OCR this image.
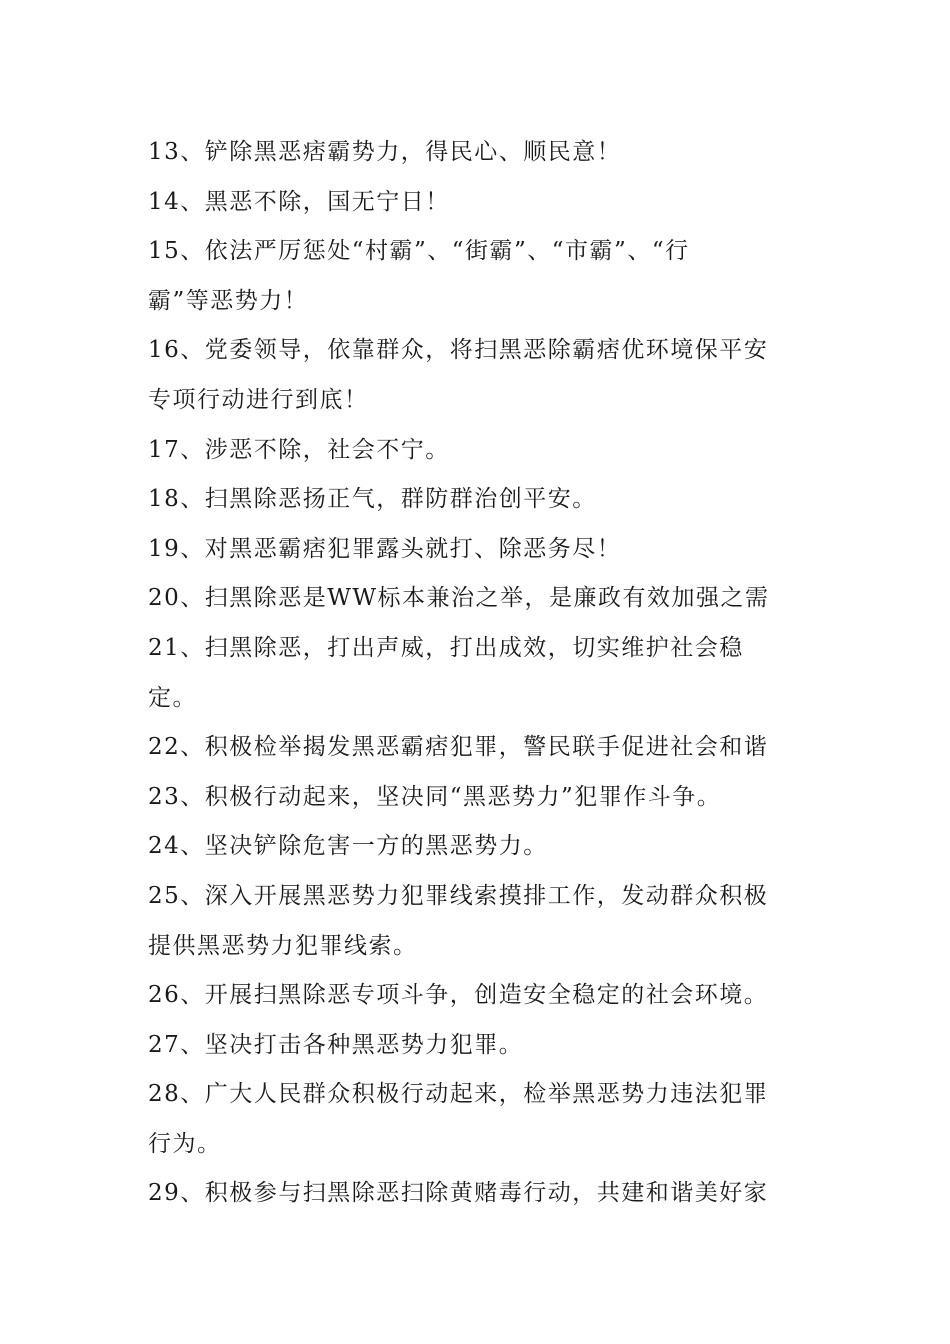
13、铲除黑恶痞霸势力，得民心、顺民意！
14、黑恶不除，国无宁日！
15、依法严厉惩处“村霸”、“街霸”、“市霸”、“行
霸”等恶势力！
16、党委领导，依靠群众，将扫黑恶除霸痞优环境保平安
专项行动进行到底！
17、涉恶不除，社会不宁。
18、扫黑除恶扬正气，群防群治创平安。
19、对黑恶霸痞犯罪露头就打、除恶务尽！
20、扫黑除恶是WW标本兼治之举，是廉政有效加强之需
21、扫黑除恶，打出声威，打出成效，切实维护社会稳
定。
22、积极检举揭发黑恶霸痞犯罪，警民联手促进社会和谐
23、积极行动起来，坚决同“黑恶势力”犯罪作斗争。
24、坚决铲除危害一方的黑恶势力。
25、深入开展黑恶势力犯罪线索摸排工作，发动群众积极
提供黑恶势力犯罪线索。
26、开展扫黑除恶专项斗争，创造安全稳定的社会环境。
27、坚决打击各种黑恶势力犯罪。
28、广大人民群众积极行动起来，检举黑恶势力违法犯罪
行为。
29、积极参与扫黑除恶扫除黄赌毒行动，共建和谐美好家
